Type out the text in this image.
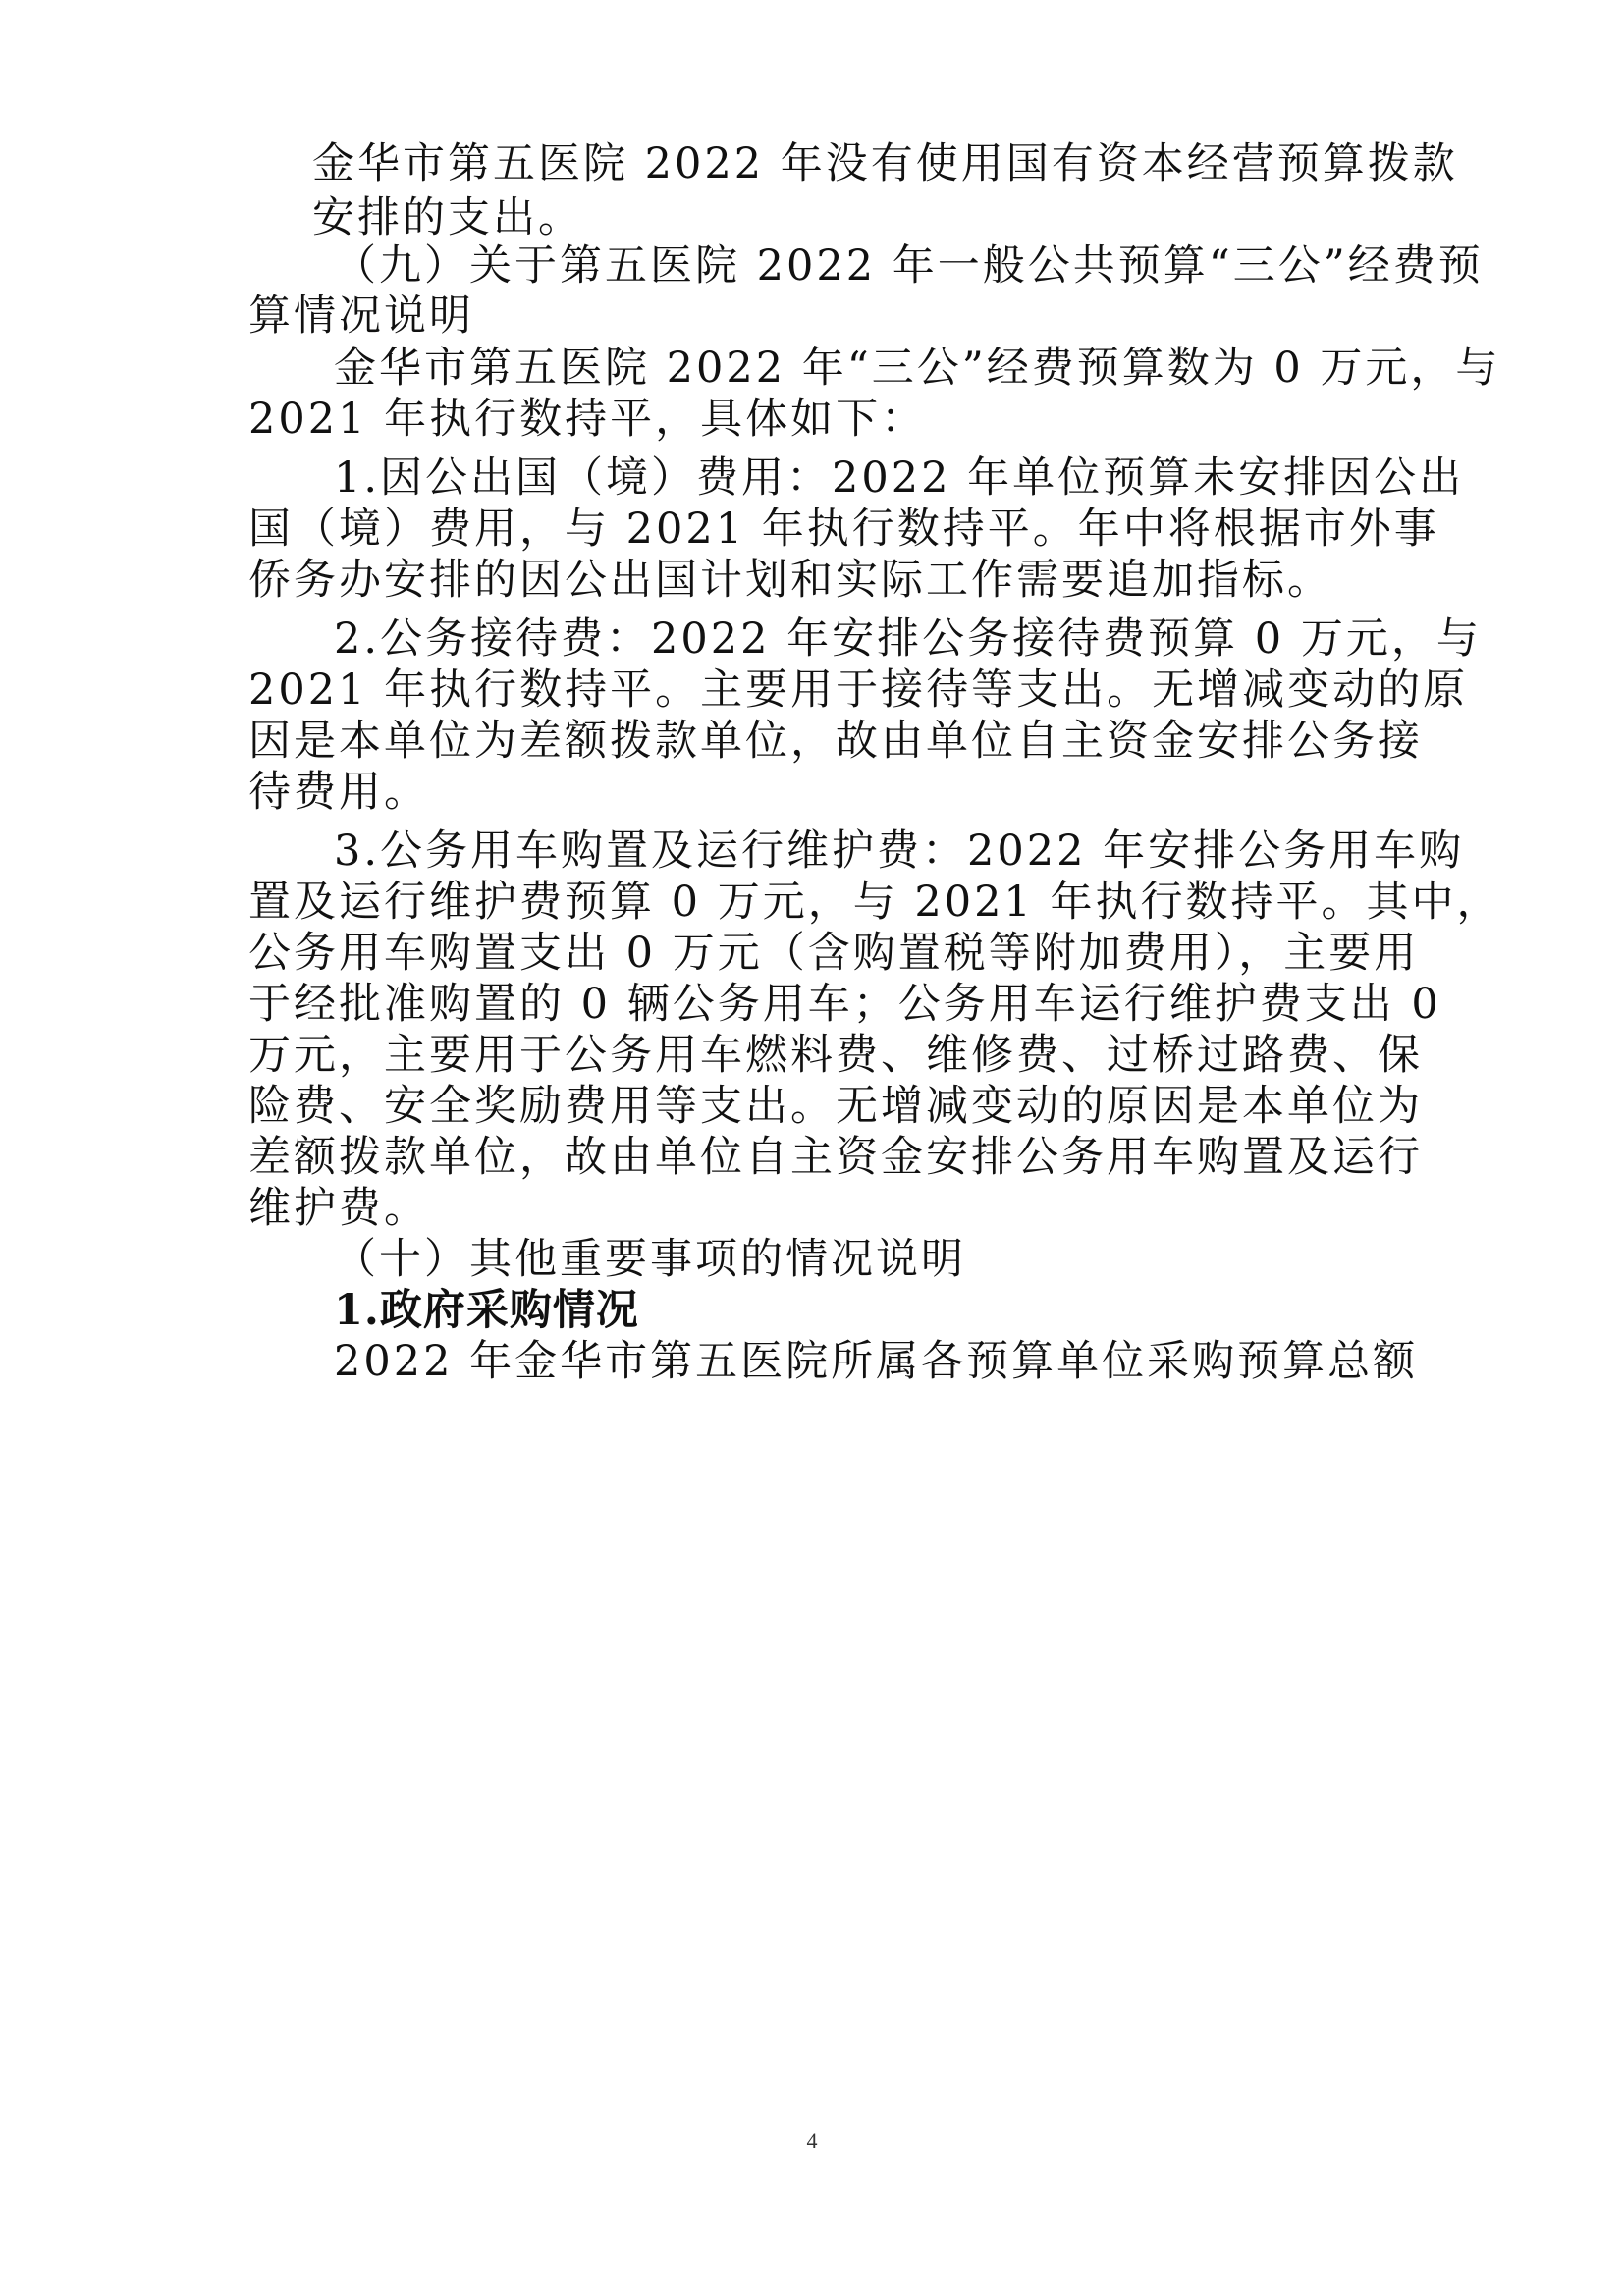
金华市第五医院 2022 年没有使用国有资本经营预算拨款
安排的支出。
（九）关于第五医院 2022 年一般公共预算“三公”经费预
算情况说明
金华市第五医院 2022 年“三公”经费预算数为 0 万元，与
2021 年执行数持平，具体如下：
1.因公出国（境）费用：2022 年单位预算未安排因公出
国（境）费用，与 2021 年执行数持平。年中将根据市外事
侨务办安排的因公出国计划和实际工作需要追加指标。
2.公务接待费：2022 年安排公务接待费预算 0 万元，与
2021 年执行数持平。主要用于接待等支出。无增减变动的原
因是本单位为差额拨款单位，故由单位自主资金安排公务接
待费用。
3.公务用车购置及运行维护费：2022 年安排公务用车购
置及运行维护费预算 0 万元，与 2021 年执行数持平。其中，
公务用车购置支出 0 万元（含购置税等附加费用），主要用
于经批准购置的 0 辆公务用车；公务用车运行维护费支出 0
万元，主要用于公务用车燃料费、维修费、过桥过路费、保
险费、安全奖励费用等支出。无增减变动的原因是本单位为
差额拨款单位，故由单位自主资金安排公务用车购置及运行
维护费。
（十）其他重要事项的情况说明
1.政府采购情况
2022 年金华市第五医院所属各预算单位采购预算总额
4
